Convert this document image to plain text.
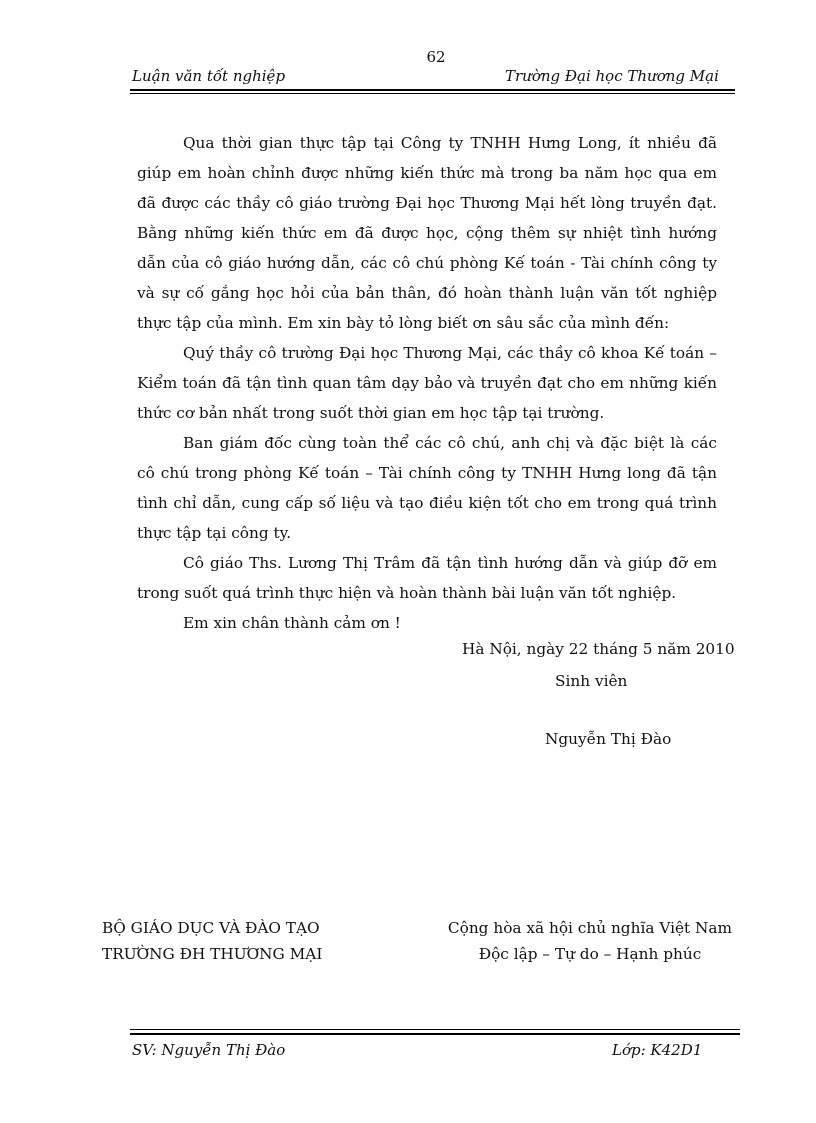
62
Luận văn tốt nghiệp	Trường Đại học Thương Mại

Qua thời gian thực tập tại Công ty TNHH Hưng Long, ít nhiều đã giúp em hoàn chỉnh được những kiến thức mà trong ba năm học qua em đã được các thầy cô giáo trường Đại học Thương Mại hết lòng truyền đạt. Bằng những kiến thức em đã được học, cộng thêm sự nhiệt tình hướng dẫn của cô giáo hướng dẫn, các cô chú phòng Kế toán - Tài chính công ty và sự cố gắng học hỏi của bản thân, đó hoàn thành luận văn tốt nghiệp thực tập của mình. Em xin bày tỏ lòng biết ơn sâu sắc của mình đến:

Quý thầy cô trường Đại học Thương Mại, các thầy cô khoa Kế toán – Kiểm toán đã tận tình quan tâm dạy bảo và truyền đạt cho em những kiến thức cơ bản nhất trong suốt thời gian em học tập tại trường.

Ban giám đốc cùng toàn thể các cô chú, anh chị và đặc biệt là các cô chú trong phòng Kế toán – Tài chính công ty TNHH Hưng long đã tận tình chỉ dẫn, cung cấp số liệu và tạo điều kiện tốt cho em trong quá trình thực tập tại công ty.

Cô giáo Ths. Lương Thị Trâm đã tận tình hướng dẫn và giúp đỡ em trong suốt quá trình thực hiện và hoàn thành bài luận văn tốt nghiệp.

Em xin chân thành cảm ơn !

Hà Nội, ngày 22 tháng 5 năm 2010
Sinh viên
Nguyễn Thị Đào
BỘ GIÁO DỤC VÀ ĐÀO TẠO
TRƯỜNG ĐH THƯƠNG MẠI
Cộng hòa xã hội chủ nghĩa Việt Nam
Độc lập – Tự do – Hạnh phúc
SV: Nguyễn Thị Đào	Lớp: K42D1
